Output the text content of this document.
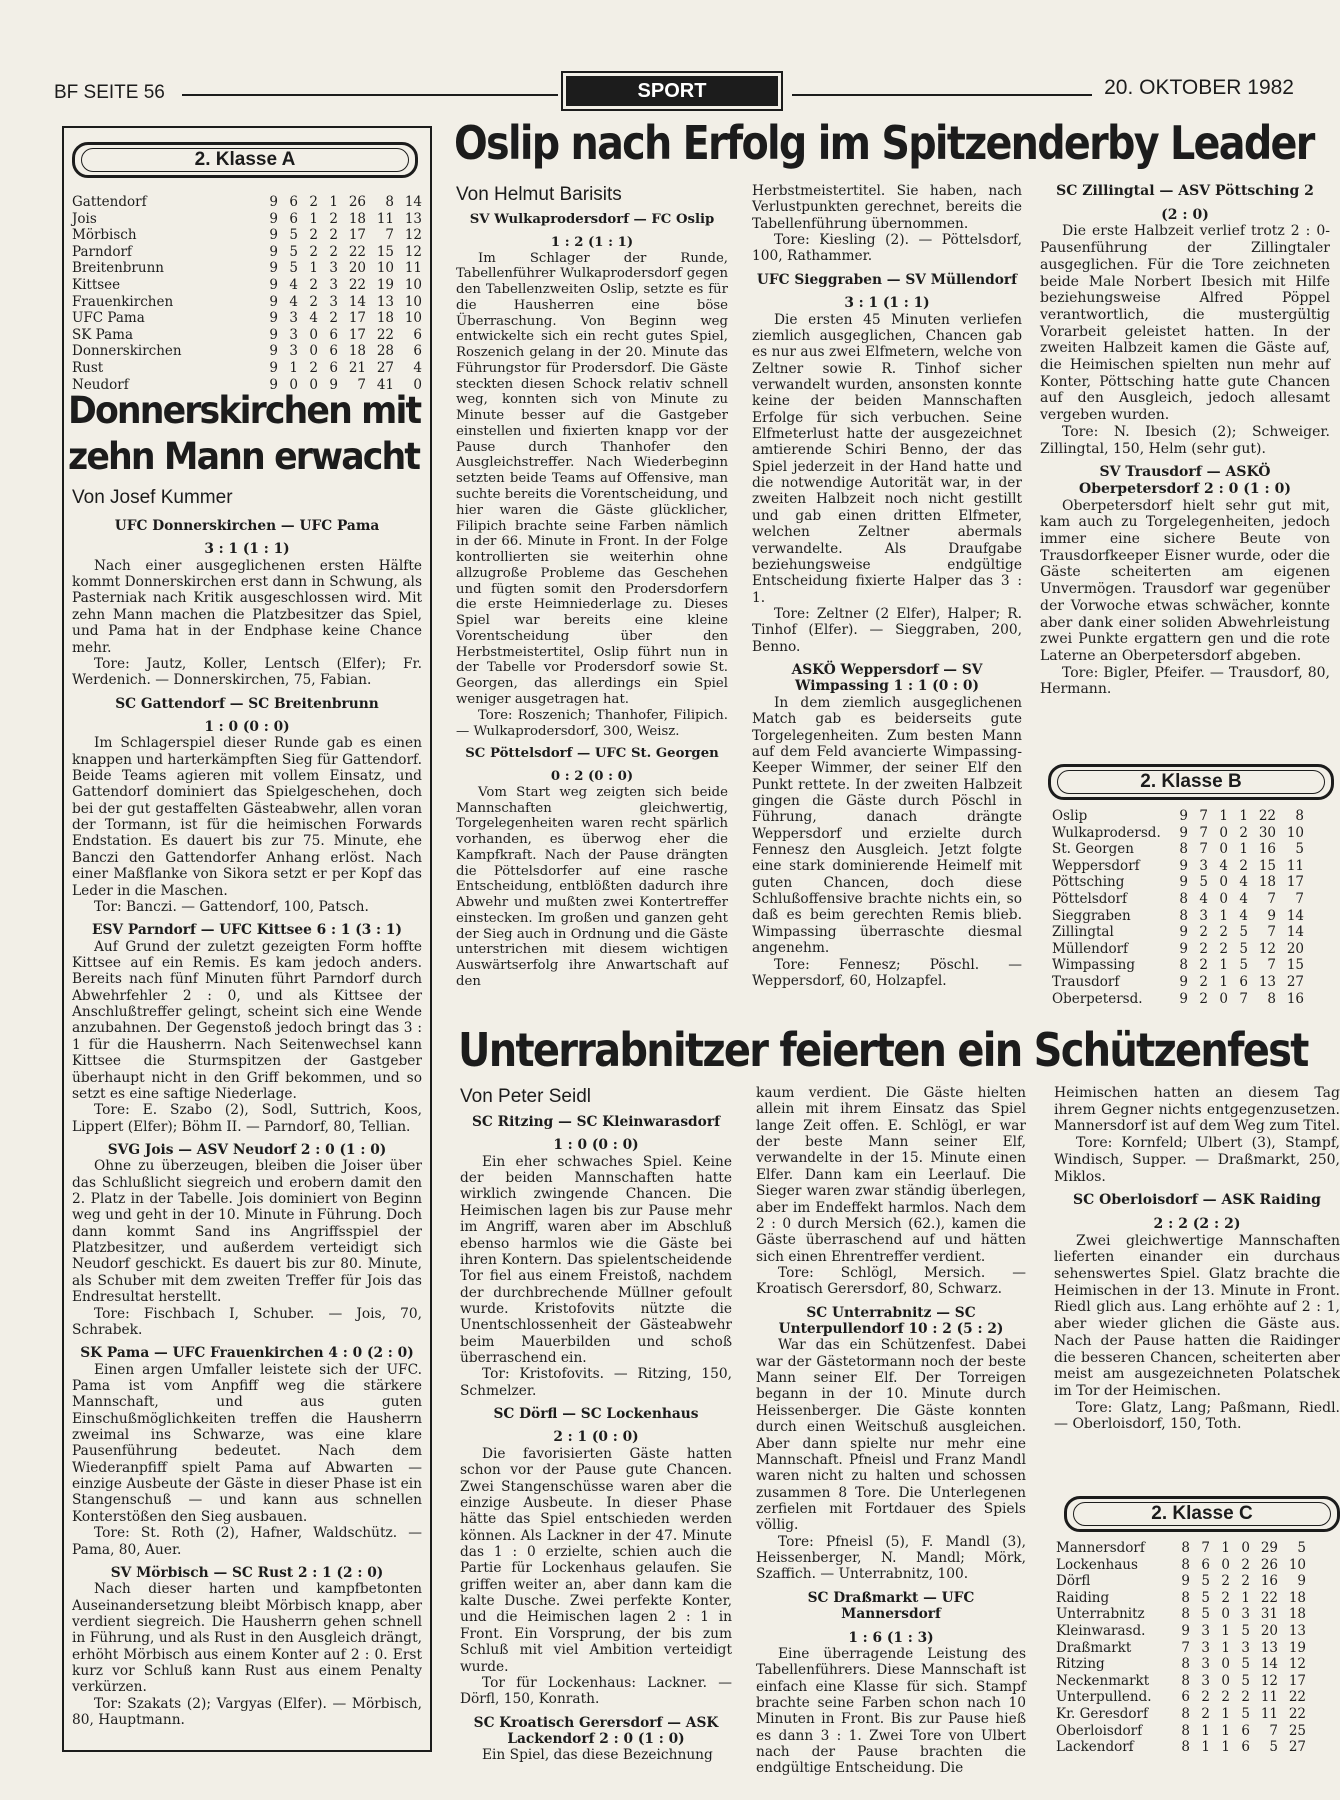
BF SEITE 56	SPORT	20. OKTOBER 1982
2. Klasse A
Gattendorf	9	6	2	1	26	8	14
Jois	9	6	1	2	18	11	13
Mörbisch	9	5	2	2	17	7	12
Parndorf	9	5	2	2	22	15	12
Breitenbrunn	9	5	1	3	20	10	11
Kittsee	9	4	2	3	22	19	10
Frauenkirchen	9	4	2	3	14	13	10
UFC Pama	9	3	4	2	17	18	10
SK Pama	9	3	0	6	17	22	6
Donnerskirchen	9	3	0	6	18	28	6
Rust	9	1	2	6	21	27	4
Neudorf	9	0	0	9	7	41	0
Donnerskirchen mit
zehn Mann erwacht
Von Josef Kummer
UFC Donnerskirchen — UFC Pama
3 : 1 (1 : 1)

Nach einer ausgeglichenen ersten Hälfte kommt Donnerskirchen erst dann in Schwung, als Pasterniak nach Kritik ausgeschlossen wird. Mit zehn Mann machen die Platzbesitzer das Spiel, und Pama hat in der Endphase keine Chance mehr.

Tore: Jautz, Koller, Lentsch (Elfer); Fr. Werdenich. — Donnerskirchen, 75, Fabian.

SC Gattendorf — SC Breitenbrunn
1 : 0 (0 : 0)

Im Schlagerspiel dieser Runde gab es einen knappen und harterkämpften Sieg für Gattendorf. Beide Teams agieren mit vollem Einsatz, und Gattendorf dominiert das Spielgeschehen, doch bei der gut gestaffelten Gästeabwehr, allen voran der Tormann, ist für die heimischen Forwards Endstation. Es dauert bis zur 75. Minute, ehe Banczi den Gattendorfer Anhang erlöst. Nach einer Maßflanke von Sikora setzt er per Kopf das Leder in die Maschen.

Tor: Banczi. — Gattendorf, 100, Patsch.

ESV Parndorf — UFC Kittsee 6 : 1 (3 : 1)

Auf Grund der zuletzt gezeigten Form hoffte Kittsee auf ein Remis. Es kam jedoch anders. Bereits nach fünf Minuten führt Parndorf durch Abwehrfehler 2 : 0, und als Kittsee der Anschlußtreffer gelingt, scheint sich eine Wende anzubahnen. Der Gegenstoß jedoch bringt das 3 : 1 für die Hausherrn. Nach Seitenwechsel kann Kittsee die Sturmspitzen der Gastgeber überhaupt nicht in den Griff bekommen, und so setzt es eine saftige Niederlage.

Tore: E. Szabo (2), Sodl, Suttrich, Koos, Lippert (Elfer); Böhm II. — Parndorf, 80, Tellian.

SVG Jois — ASV Neudorf 2 : 0 (1 : 0)

Ohne zu überzeugen, bleiben die Joiser über das Schlußlicht siegreich und erobern damit den 2. Platz in der Tabelle. Jois dominiert von Beginn weg und geht in der 10. Minute in Führung. Doch dann kommt Sand ins Angriffsspiel der Platzbesitzer, und außerdem verteidigt sich Neudorf geschickt. Es dauert bis zur 80. Minute, als Schuber mit dem zweiten Treffer für Jois das Endresultat herstellt.

Tore: Fischbach I, Schuber. — Jois, 70, Schrabek.

SK Pama — UFC Frauenkirchen 4 : 0 (2 : 0)

Einen argen Umfaller leistete sich der UFC. Pama ist vom Anpfiff weg die stärkere Mannschaft, und aus guten Einschußmöglichkeiten treffen die Hausherrn zweimal ins Schwarze, was eine klare Pausenführung bedeutet. Nach dem Wiederanpfiff spielt Pama auf Abwarten — einzige Ausbeute der Gäste in dieser Phase ist ein Stangenschuß — und kann aus schnellen Konterstößen den Sieg ausbauen.

Tore: St. Roth (2), Hafner, Waldschütz. — Pama, 80, Auer.

SV Mörbisch — SC Rust 2 : 1 (2 : 0)

Nach dieser harten und kampfbetonten Auseinandersetzung bleibt Mörbisch knapp, aber verdient siegreich. Die Hausherrn gehen schnell in Führung, und als Rust in den Ausgleich drängt, erhöht Mörbisch aus einem Konter auf 2 : 0. Erst kurz vor Schluß kann Rust aus einem Penalty verkürzen.

Tor: Szakats (2); Vargyas (Elfer). — Mörbisch, 80, Hauptmann.

Oslip nach Erfolg im Spitzenderby Leader
Von Helmut Barisits
SV Wulkaprodersdorf — FC Oslip
1 : 2 (1 : 1)

Im Schlager der Runde, Tabellenführer Wulkaprodersdorf gegen den Tabellenzweiten Oslip, setzte es für die Hausherren eine böse Überraschung. Von Beginn weg entwickelte sich ein recht gutes Spiel, Roszenich gelang in der 20. Minute das Führungstor für Prodersdorf. Die Gäste steckten diesen Schock relativ schnell weg, konnten sich von Minute zu Minute besser auf die Gastgeber einstellen und fixierten knapp vor der Pause durch Thanhofer den Ausgleichstreffer. Nach Wiederbeginn setzten beide Teams auf Offensive, man suchte bereits die Vorentscheidung, und hier waren die Gäste glücklicher, Filipich brachte seine Farben nämlich in der 66. Minute in Front. In der Folge kontrollierten sie weiterhin ohne allzugroße Probleme das Geschehen und fügten somit den Prodersdorfern die erste Heimniederlage zu. Dieses Spiel war bereits eine kleine Vorentscheidung über den Herbstmeistertitel, Oslip führt nun in der Tabelle vor Prodersdorf sowie St. Georgen, das allerdings ein Spiel weniger ausgetragen hat.

Tore: Roszenich; Thanhofer, Filipich. — Wulkaprodersdorf, 300, Weisz.

SC Pöttelsdorf — UFC St. Georgen
0 : 2 (0 : 0)

Vom Start weg zeigten sich beide Mannschaften gleichwertig, Torgelegenheiten waren recht spärlich vorhanden, es überwog eher die Kampfkraft. Nach der Pause drängten die Pöttelsdorfer auf eine rasche Entscheidung, entblößten dadurch ihre Abwehr und mußten zwei Kontertreffer einstecken. Im großen und ganzen geht der Sieg auch in Ordnung und die Gäste unterstrichen mit diesem wichtigen Auswärtserfolg ihre Anwartschaft auf den

Herbstmeistertitel. Sie haben, nach Verlustpunkten gerechnet, bereits die Tabellenführung übernommen.

Tore: Kiesling (2). — Pöttelsdorf, 100, Rathammer.

UFC Sieggraben — SV Müllendorf
3 : 1 (1 : 1)

Die ersten 45 Minuten verliefen ziemlich ausgeglichen, Chancen gab es nur aus zwei Elfmetern, welche von Zeltner sowie R. Tinhof sicher verwandelt wurden, ansonsten konnte keine der beiden Mannschaften Erfolge für sich verbuchen. Seine Elfmeterlust hatte der ausgezeichnet amtierende Schiri Benno, der das Spiel jederzeit in der Hand hatte und die notwendige Autorität war, in der zweiten Halbzeit noch nicht gestillt und gab einen dritten Elfmeter, welchen Zeltner abermals verwandelte. Als Draufgabe beziehungsweise endgültige Entscheidung fixierte Halper das 3 : 1.

Tore: Zeltner (2 Elfer), Halper; R. Tinhof (Elfer). — Sieggraben, 200, Benno.

ASKÖ Weppersdorf — SV Wimpassing 1 : 1 (0 : 0)

In dem ziemlich ausgeglichenen Match gab es beiderseits gute Torgelegenheiten. Zum besten Mann auf dem Feld avancierte Wimpassing-Keeper Wimmer, der seiner Elf den Punkt rettete. In der zweiten Halbzeit gingen die Gäste durch Pöschl in Führung, danach drängte Weppersdorf und erzielte durch Fennesz den Ausgleich. Jetzt folgte eine stark dominierende Heimelf mit guten Chancen, doch diese Schlußoffensive brachte nichts ein, so daß es beim gerechten Remis blieb. Wimpassing überraschte diesmal angenehm.

Tore: Fennesz; Pöschl. — Weppersdorf, 60, Holzapfel.

SC Zillingtal — ASV Pöttsching 2
(2 : 0)

Die erste Halbzeit verlief trotz 2 : 0-Pausenführung der Zillingtaler ausgeglichen. Für die Tore zeichneten beide Male Norbert Ibesich mit Hilfe beziehungsweise Alfred Pöppel verantwortlich, die mustergültig Vorarbeit geleistet hatten. In der zweiten Halbzeit kamen die Gäste auf, die Heimischen spielten nun mehr auf Konter, Pöttsching hatte gute Chancen auf den Ausgleich, jedoch allesamt vergeben wurden.

Tore: N. Ibesich (2); Schweiger. Zillingtal, 150, Helm (sehr gut).

SV Trausdorf — ASKÖ Oberpetersdorf 2 : 0 (1 : 0)

Oberpetersdorf hielt sehr gut mit, kam auch zu Torgelegenheiten, jedoch immer eine sichere Beute von Trausdorfkeeper Eisner wurde, oder die Gäste scheiterten am eigenen Unvermögen. Trausdorf war gegenüber der Vorwoche etwas schwächer, konnte aber dank einer soliden Abwehrleistung zwei Punkte ergattern gen und die rote Laterne an Oberpetersdorf abgeben.

Tore: Bigler, Pfeifer. — Trausdorf, 80, Hermann.

2. Klasse B
Oslip	9	7	1	1	22	8
Wulkaprodersd.	9	7	0	2	30	10
St. Georgen	8	7	0	1	16	5
Weppersdorf	9	3	4	2	15	11
Pöttsching	9	5	0	4	18	17
Pöttelsdorf	8	4	0	4	7	7
Sieggraben	8	3	1	4	9	14
Zillingtal	9	2	2	5	7	14
Müllendorf	9	2	2	5	12	20
Wimpassing	8	2	1	5	7	15
Trausdorf	9	2	1	6	13	27
Oberpetersd.	9	2	0	7	8	16
Unterrabnitzer feierten ein Schützenfest
Von Peter Seidl
SC Ritzing — SC Kleinwarasdorf
1 : 0 (0 : 0)

Ein eher schwaches Spiel. Keine der beiden Mannschaften hatte wirklich zwingende Chancen. Die Heimischen lagen bis zur Pause mehr im Angriff, waren aber im Abschluß ebenso harmlos wie die Gäste bei ihren Kontern. Das spielentscheidende Tor fiel aus einem Freistoß, nachdem der durchbrechende Müllner gefoult wurde. Kristofovits nützte die Unentschlossenheit der Gästeabwehr beim Mauerbilden und schoß überraschend ein.

Tor: Kristofovits. — Ritzing, 150, Schmelzer.

SC Dörfl — SC Lockenhaus
2 : 1 (0 : 0)

Die favorisierten Gäste hatten schon vor der Pause gute Chancen. Zwei Stangenschüsse waren aber die einzige Ausbeute. In dieser Phase hätte das Spiel entschieden werden können. Als Lackner in der 47. Minute das 1 : 0 erzielte, schien auch die Partie für Lockenhaus gelaufen. Sie griffen weiter an, aber dann kam die kalte Dusche. Zwei perfekte Konter, und die Heimischen lagen 2 : 1 in Front. Ein Vorsprung, der bis zum Schluß mit viel Ambition verteidigt wurde.

Tor für Lockenhaus: Lackner. — Dörfl, 150, Konrath.

SC Kroatisch Gerersdorf — ASK Lackendorf 2 : 0 (1 : 0)

Ein Spiel, das diese Bezeichnung

kaum verdient. Die Gäste hielten allein mit ihrem Einsatz das Spiel lange Zeit offen. E. Schlögl, er war der beste Mann seiner Elf, verwandelte in der 15. Minute einen Elfer. Dann kam ein Leerlauf. Die Sieger waren zwar ständig überlegen, aber im Endeffekt harmlos. Nach dem 2 : 0 durch Mersich (62.), kamen die Gäste überraschend auf und hätten sich einen Ehrentreffer verdient.

Tore: Schlögl, Mersich. — Kroatisch Gerersdorf, 80, Schwarz.

SC Unterrabnitz — SC Unterpullendorf 10 : 2 (5 : 2)

War das ein Schützenfest. Dabei war der Gästetormann noch der beste Mann seiner Elf. Der Torreigen begann in der 10. Minute durch Heissenberger. Die Gäste konnten durch einen Weitschuß ausgleichen. Aber dann spielte nur mehr eine Mannschaft. Pfneisl und Franz Mandl waren nicht zu halten und schossen zusammen 8 Tore. Die Unterlegenen zerfielen mit Fortdauer des Spiels völlig.

Tore: Pfneisl (5), F. Mandl (3), Heissenberger, N. Mandl; Mörk, Szaffich. — Unterrabnitz, 100.

SC Draßmarkt — UFC Mannersdorf
1 : 6 (1 : 3)

Eine überragende Leistung des Tabellenführers. Diese Mannschaft ist einfach eine Klasse für sich. Stampf brachte seine Farben schon nach 10 Minuten in Front. Bis zur Pause hieß es dann 3 : 1. Zwei Tore von Ulbert nach der Pause brachten die endgültige Entscheidung. Die

Heimischen hatten an diesem Tag ihrem Gegner nichts entgegenzusetzen. Mannersdorf ist auf dem Weg zum Titel.

Tore: Kornfeld; Ulbert (3), Stampf, Windisch, Supper. — Draßmarkt, 250, Miklos.

SC Oberloisdorf — ASK Raiding
2 : 2 (2 : 2)

Zwei gleichwertige Mannschaften lieferten einander ein durchaus sehenswertes Spiel. Glatz brachte die Heimischen in der 13. Minute in Front. Riedl glich aus. Lang erhöhte auf 2 : 1, aber wieder glichen die Gäste aus. Nach der Pause hatten die Raidinger die besseren Chancen, scheiterten aber meist am ausgezeichneten Polatschek im Tor der Heimischen.

Tore: Glatz, Lang; Paßmann, Riedl. — Oberloisdorf, 150, Toth.

2. Klasse C
Mannersdorf	8	7	1	0	29	5
Lockenhaus	8	6	0	2	26	10
Dörfl	9	5	2	2	16	9
Raiding	8	5	2	1	22	18
Unterrabnitz	8	5	0	3	31	18
Kleinwarasd.	9	3	1	5	20	13
Draßmarkt	7	3	1	3	13	19
Ritzing	8	3	0	5	14	12
Neckenmarkt	8	3	0	5	12	17
Unterpullend.	6	2	2	2	11	22
Kr. Geresdorf	8	2	1	5	11	22
Oberloisdorf	8	1	1	6	7	25
Lackendorf	8	1	1	6	5	27
